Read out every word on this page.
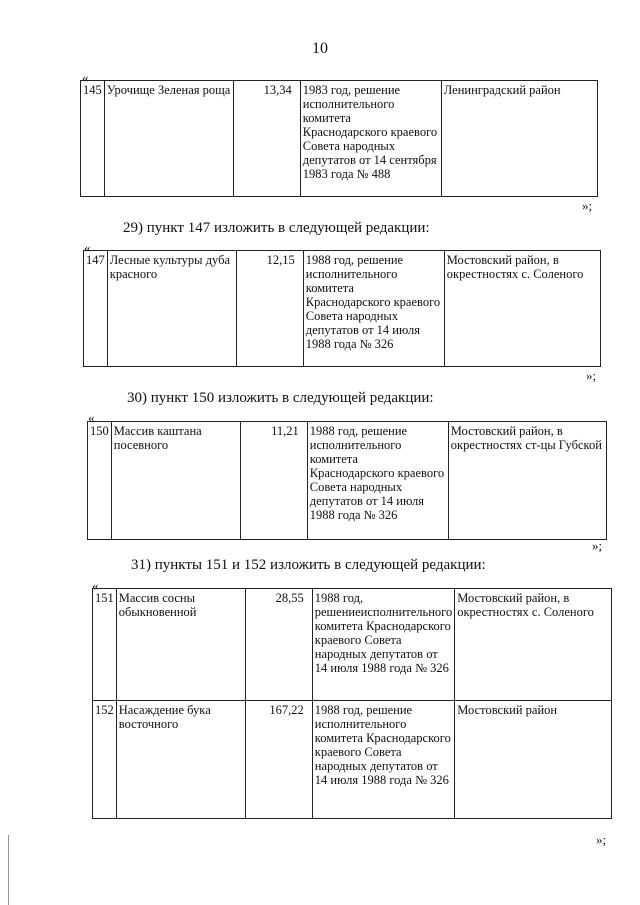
10
«
145	Урочище Зеленая роща	13,34	1983 год, решение исполнительного комитета Краснодарского краевого Совета народных депутатов от 14 сентября 1983 года № 488	Ленинградский район
»;
29) пункт 147 изложить в следующей редакции:
«
147	Лесные культуры дуба красного	12,15	1988 год, решение исполнительного комитета Краснодарского краевого Совета народных депутатов от 14 июля 1988 года № 326	Мостовский район, в окрестностях с. Соленого
»;
30) пункт 150 изложить в следующей редакции:
«
150	Массив каштана посевного	11,21	1988 год, решение исполнительного комитета Краснодарского краевого Совета народных депутатов от 14 июля 1988 года № 326	Мостовский район, в окрестностях ст-цы Губской
»;
31) пункты 151 и 152 изложить в следующей редакции:
«
151	Массив сосны обыкновенной	28,55	1988 год, решениеисполнительного комитета Краснодарского краевого Совета народных депутатов от 14 июля 1988 года № 326	Мостовский район, в окрестностях с. Соленого
152	Насаждение бука восточного	167,22	1988 год, решение исполнительного комитета Краснодарского краевого Совета народных депутатов от 14 июля 1988 года № 326	Мостовский район
»;
